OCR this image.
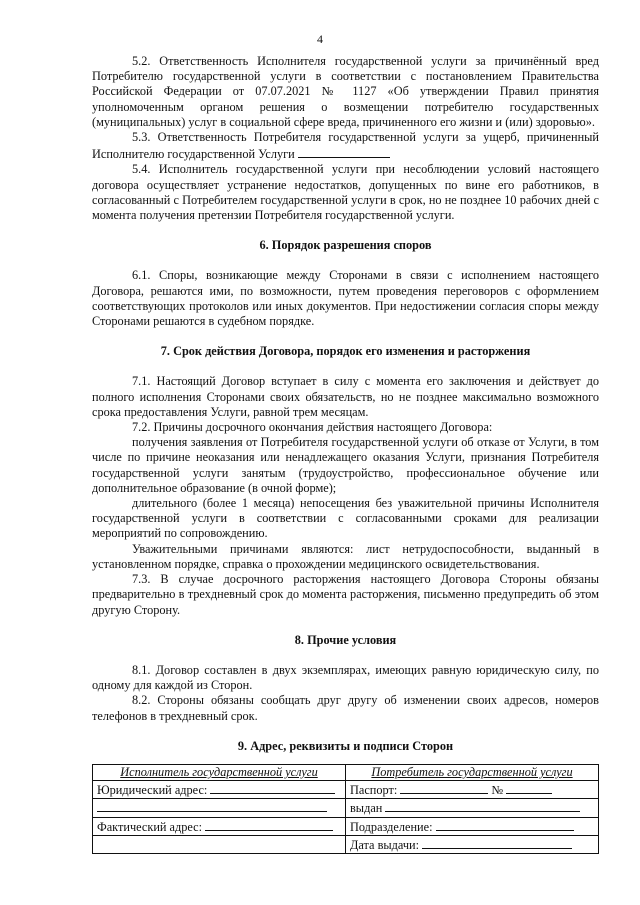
4

5.2. Ответственность Исполнителя государственной услуги за причинённый вред Потребителю государственной услуги в соответствии с постановлением Правительства Российской Федерации от 07.07.2021 № 1127 «Об утверждении Правил принятия уполномоченным органом решения о возмещении потребителю государственных (муниципальных) услуг в социальной сфере вреда, причиненного его жизни и (или) здоровью».

5.3. Ответственность Потребителя государственной услуги за ущерб, причиненный Исполнителю государственной Услуги

5.4. Исполнитель государственной услуги при несоблюдении условий настоящего договора осуществляет устранение недостатков, допущенных по вине его работников, в согласованный с Потребителем государственной услуги в срок, но не позднее 10 рабочих дней с момента получения претензии Потребителя государственной услуги.

6. Порядок разрешения споров

6.1. Споры, возникающие между Сторонами в связи с исполнением настоящего Договора, решаются ими, по возможности, путем проведения переговоров с оформлением соответствующих протоколов или иных документов. При недостижении согласия споры между Сторонами решаются в судебном порядке.

7. Срок действия Договора, порядок его изменения и расторжения

7.1. Настоящий Договор вступает в силу с момента его заключения и действует до полного исполнения Сторонами своих обязательств, но не позднее максимально возможного срока предоставления Услуги, равной трем месяцам.

7.2. Причины досрочного окончания действия настоящего Договора:

получения заявления от Потребителя государственной услуги об отказе от Услуги, в том числе по причине неоказания или ненадлежащего оказания Услуги, признания Потребителя государственной услуги занятым (трудоустройство, профессиональное обучение или дополнительное образование (в очной форме);

длительного (более 1 месяца) непосещения без уважительной причины Исполнителя государственной услуги в соответствии с согласованными сроками для реализации мероприятий по сопровождению.

Уважительными причинами являются: лист нетрудоспособности, выданный в установленном порядке, справка о прохождении медицинского освидетельствования.

7.3. В случае досрочного расторжения настоящего Договора Стороны обязаны предварительно в трехдневный срок до момента расторжения, письменно предупредить об этом другую Сторону.

8. Прочие условия

8.1. Договор составлен в двух экземплярах, имеющих равную юридическую силу, по одному для каждой из Сторон.

8.2. Стороны обязаны сообщать друг другу об изменении своих адресов, номеров телефонов в трехдневный срок.

9. Адрес, реквизиты и подписи Сторон

Исполнитель государственной услуги	Потребитель государственной услуги
Юридический адрес:	Паспорт: №
	выдан
Фактический адрес:	Подразделение:
	Дата выдачи:
